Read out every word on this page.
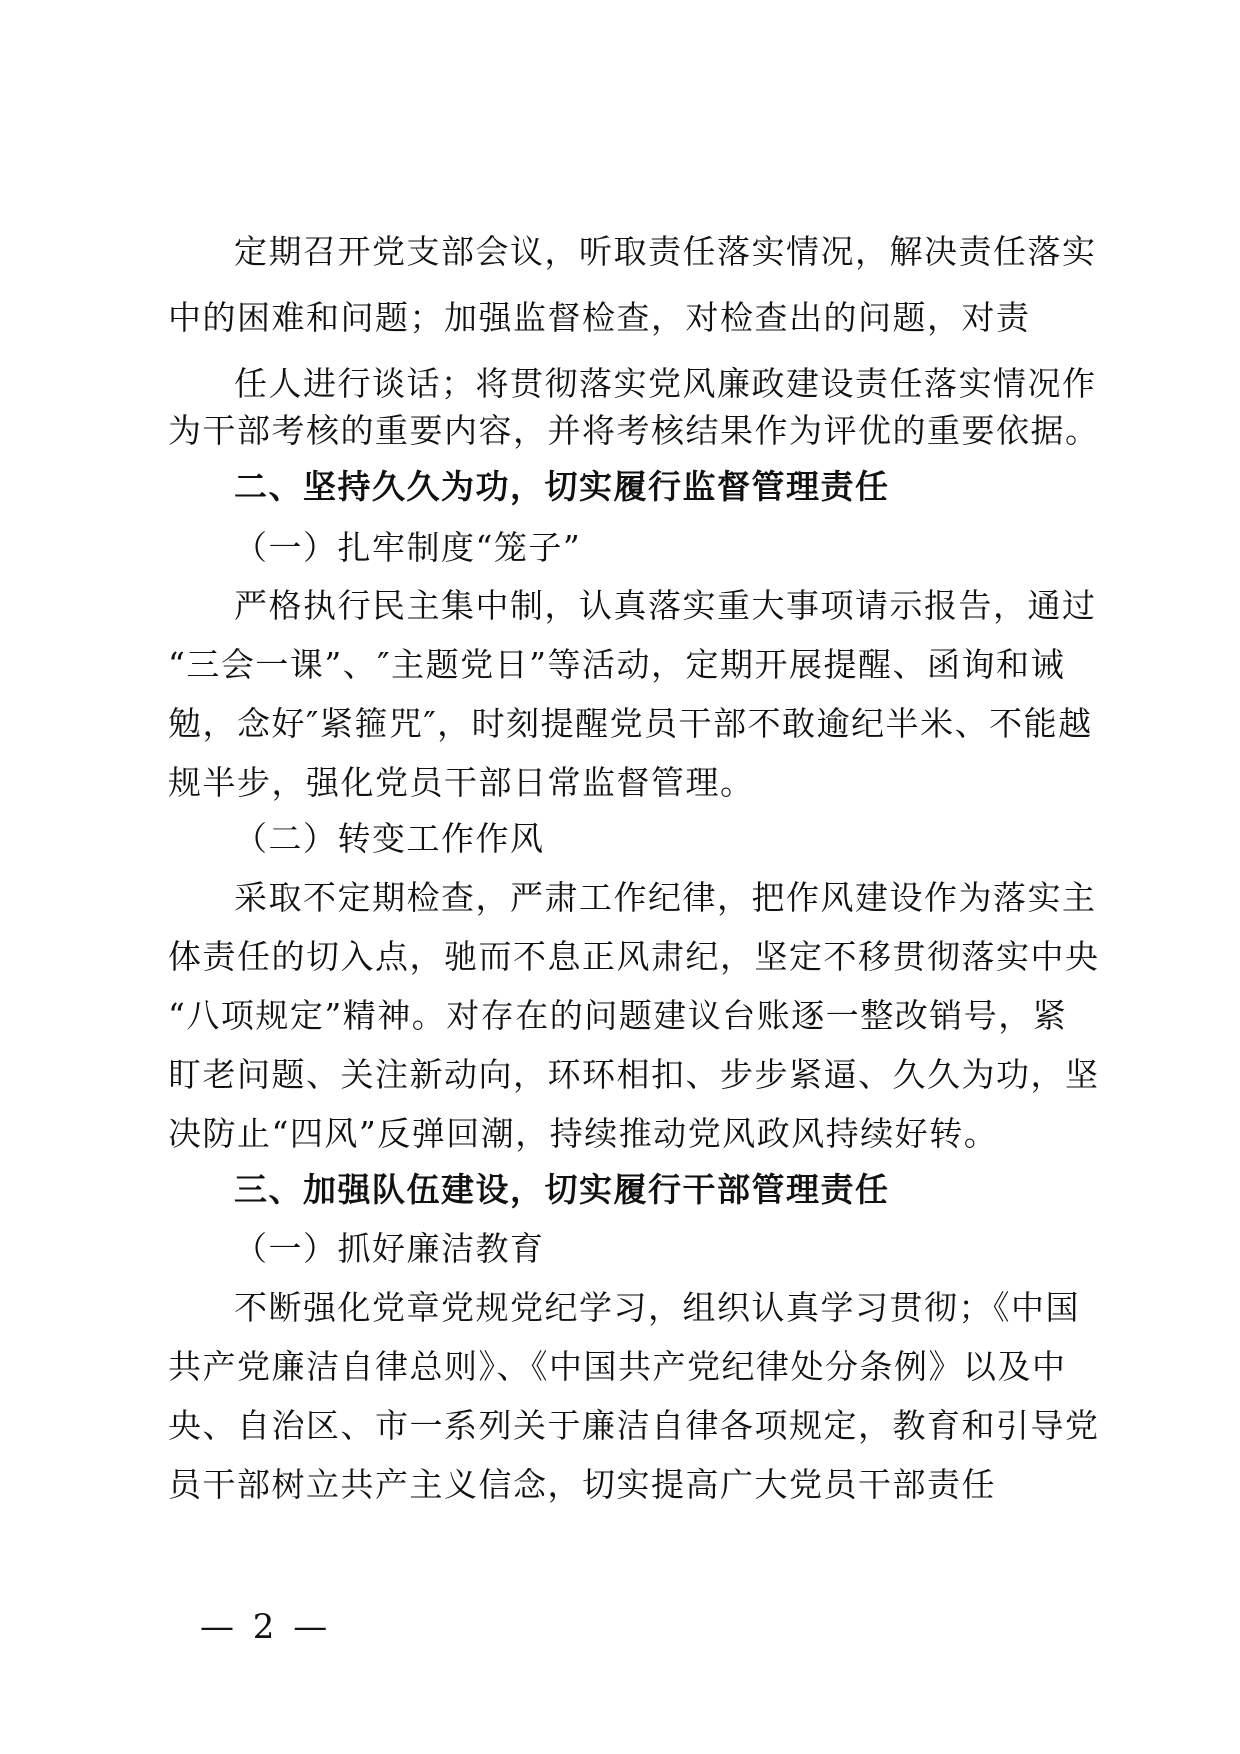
定期召开党支部会议，听取责任落实情况，解决责任落实
中的困难和问题；加强监督检查，对检查出的问题，对责
任人进行谈话；将贯彻落实党风廉政建设责任落实情况作
为干部考核的重要内容，并将考核结果作为评优的重要依据。
二、坚持久久为功，切实履行监督管理责任
（一）扎牢制度“笼子”
严格执行民主集中制，认真落实重大事项请示报告，通过
“三会一课”、″主题党日”等活动，定期开展提醒、函询和诫
勉，念好″紧箍咒″，时刻提醒党员干部不敢逾纪半米、不能越
规半步，强化党员干部日常监督管理。
（二）转变工作作风
采取不定期检查，严肃工作纪律，把作风建设作为落实主
体责任的切入点，驰而不息正风肃纪，坚定不移贯彻落实中央
“八项规定”精神。对存在的问题建议台账逐一整改销号，紧
盯老问题、关注新动向，环环相扣、步步紧逼、久久为功，坚
决防止“四风”反弹回潮，持续推动党风政风持续好转。
三、加强队伍建设，切实履行干部管理责任
（一）抓好廉洁教育
不断强化党章党规党纪学习，组织认真学习贯彻；《中国
共产党廉洁自律总则》、《中国共产党纪律处分条例》以及中
央、自治区、市一系列关于廉洁自律各项规定，教育和引导党
员干部树立共产主义信念，切实提高广大党员干部责任
— 2 —
